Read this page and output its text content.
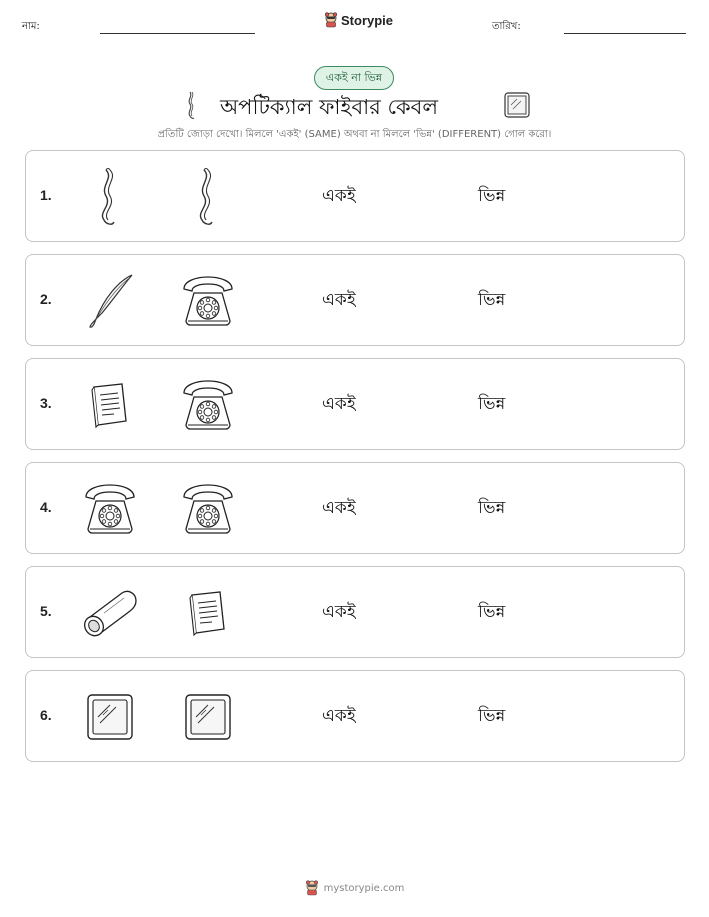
নাম:	Storypie	তারিখ:
একই না ভিন্ন
অপটিক্যাল ফাইবার কেবল
প্রতিটি জোড়া দেখো। মিললে 'একই' (SAME) অথবা না মিললে 'ভিন্ন' (DIFFERENT) গোল করো।
1.	একই	ভিন্ন
2.	একই	ভিন্ন
3.	একই	ভিন্ন
4.	একই	ভিন্ন
5.	একই	ভিন্ন
6.	একই	ভিন্ন
mystorypie.com
